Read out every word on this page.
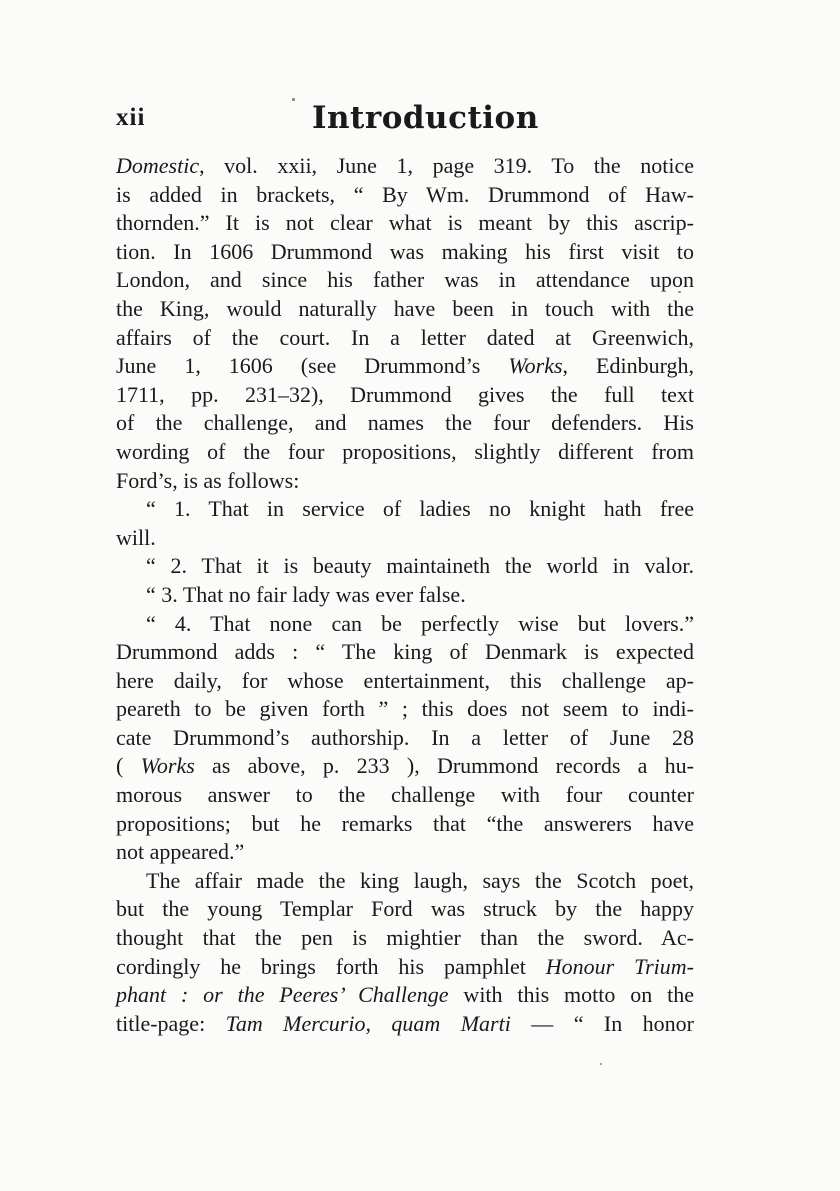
xii	Introduction
Domestic, vol. xxii, June 1, page 319. To the notice
is added in brackets, “ By Wm. Drummond of Haw-
thornden.” It is not clear what is meant by this ascrip-
tion. In 1606 Drummond was making his first visit to
London, and since his father was in attendance upon
the King, would naturally have been in touch with the
affairs of the court. In a letter dated at Greenwich,
June 1, 1606 (see Drummond’s Works, Edinburgh,
1711, pp. 231–32), Drummond gives the full text
of the challenge, and names the four defenders. His
wording of the four propositions, slightly different from
Ford’s, is as follows:
“ 1. That in service of ladies no knight hath free
will.
“ 2. That it is beauty maintaineth the world in valor.
“ 3. That no fair lady was ever false.
“ 4. That none can be perfectly wise but lovers.”
Drummond adds : “ The king of Denmark is expected
here daily, for whose entertainment, this challenge ap-
peareth to be given forth ” ; this does not seem to indi-
cate Drummond’s authorship. In a letter of June 28
( Works as above, p. 233 ), Drummond records a hu-
morous answer to the challenge with four counter
propositions; but he remarks that “the answerers have
not appeared.”
The affair made the king laugh, says the Scotch poet,
but the young Templar Ford was struck by the happy
thought that the pen is mightier than the sword. Ac-
cordingly he brings forth his pamphlet Honour Trium-
phant : or the Peeres’ Challenge with this motto on the
title-page: Tam Mercurio, quam Marti — “ In honor
